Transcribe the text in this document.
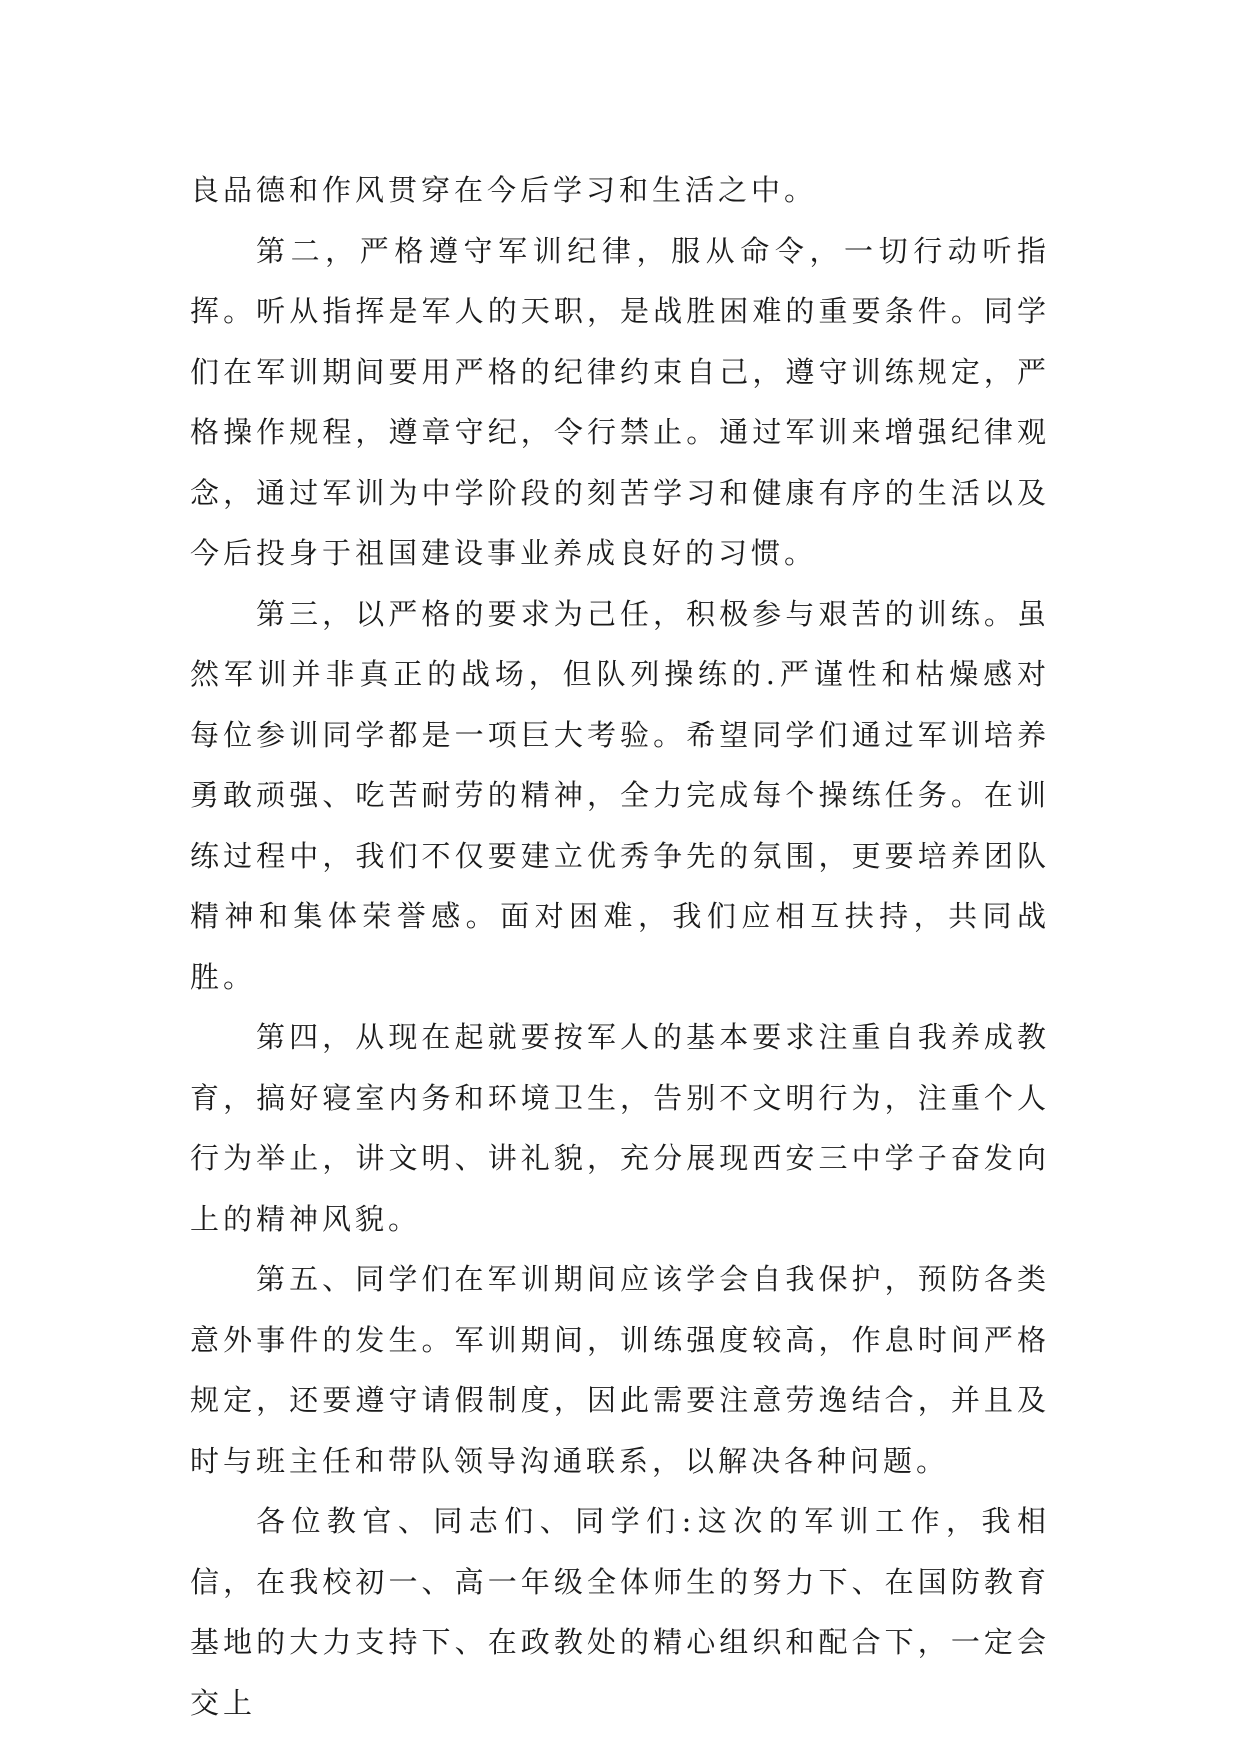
良品德和作风贯穿在今后学习和生活之中。

第二，严格遵守军训纪律，服从命令，一切行动听指挥。听从指挥是军人的天职，是战胜困难的重要条件。同学们在军训期间要用严格的纪律约束自己，遵守训练规定，严格操作规程，遵章守纪，令行禁止。通过军训来增强纪律观念，通过军训为中学阶段的刻苦学习和健康有序的生活以及今后投身于祖国建设事业养成良好的习惯。

第三，以严格的要求为己任，积极参与艰苦的训练。虽然军训并非真正的战场，但队列操练的.严谨性和枯燥感对每位参训同学都是一项巨大考验。希望同学们通过军训培养勇敢顽强、吃苦耐劳的精神，全力完成每个操练任务。在训练过程中，我们不仅要建立优秀争先的氛围，更要培养团队精神和集体荣誉感。面对困难，我们应相互扶持，共同战胜。

第四，从现在起就要按军人的基本要求注重自我养成教育，搞好寝室内务和环境卫生，告别不文明行为，注重个人行为举止，讲文明、讲礼貌，充分展现西安三中学子奋发向上的精神风貌。

第五、同学们在军训期间应该学会自我保护，预防各类意外事件的发生。军训期间，训练强度较高，作息时间严格规定，还要遵守请假制度，因此需要注意劳逸结合，并且及时与班主任和带队领导沟通联系，以解决各种问题。

各位教官、同志们、同学们:这次的军训工作，我相信，在我校初一、高一年级全体师生的努力下、在国防教育基地的大力支持下、在政教处的精心组织和配合下，一定会交上
